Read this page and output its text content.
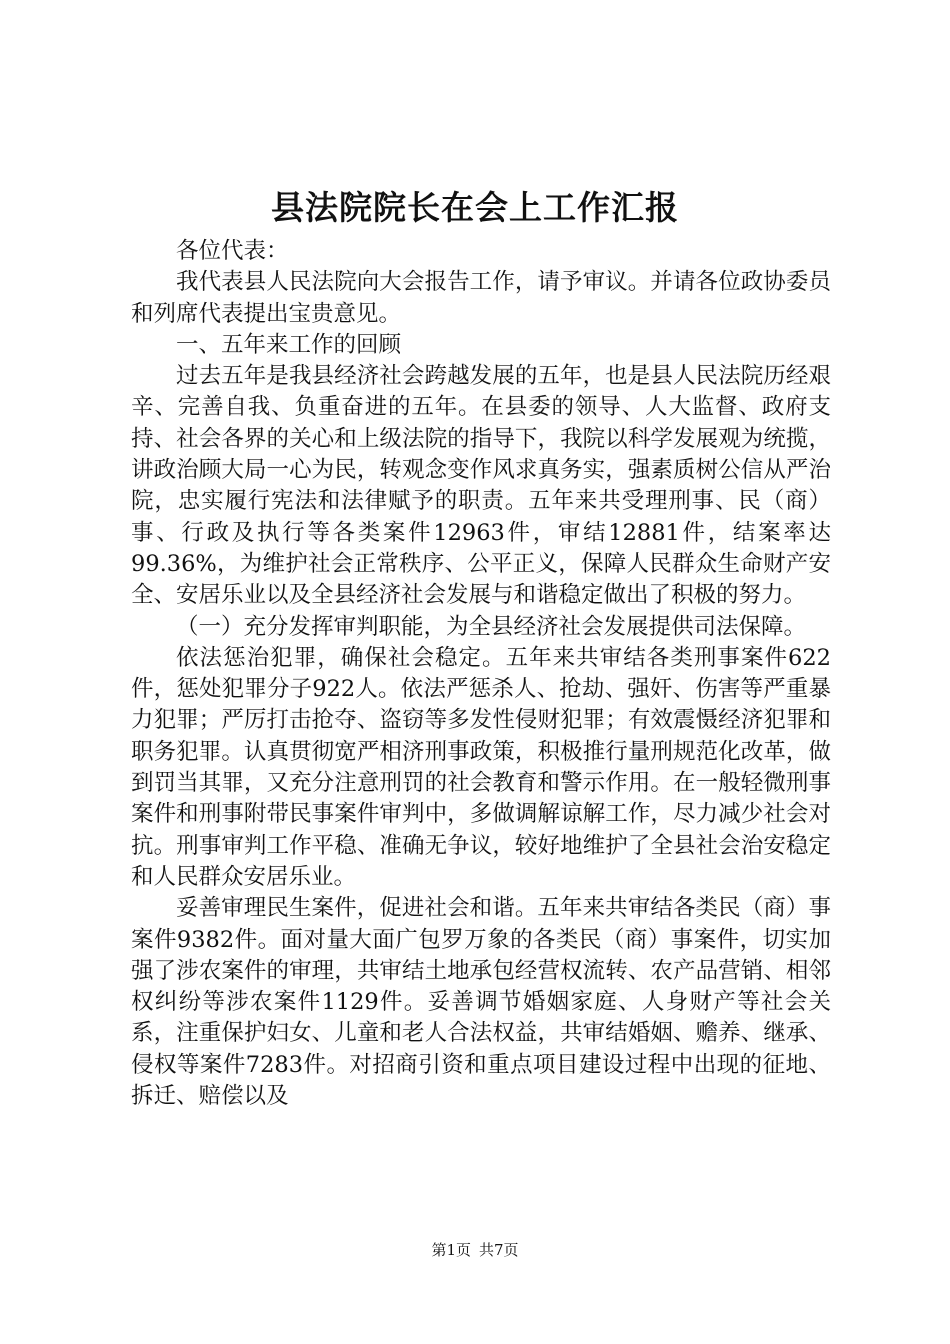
县法院院长在会上工作汇报

各位代表：

我代表县人民法院向大会报告工作，请予审议。并请各位政协委员和列席代表提出宝贵意见。

一、五年来工作的回顾

过去五年是我县经济社会跨越发展的五年，也是县人民法院历经艰辛、完善自我、负重奋进的五年。在县委的领导、人大监督、政府支持、社会各界的关心和上级法院的指导下，我院以科学发展观为统揽，讲政治顾大局一心为民，转观念变作风求真务实，强素质树公信从严治院，忠实履行宪法和法律赋予的职责。五年来共受理刑事、民（商）事、行政及执行等各类案件12963件，审结12881件，结案率达99.36%，为维护社会正常秩序、公平正义，保障人民群众生命财产安全、安居乐业以及全县经济社会发展与和谐稳定做出了积极的努力。

（一）充分发挥审判职能，为全县经济社会发展提供司法保障。

依法惩治犯罪，确保社会稳定。五年来共审结各类刑事案件622件，惩处犯罪分子922人。依法严惩杀人、抢劫、强奸、伤害等严重暴力犯罪；严厉打击抢夺、盗窃等多发性侵财犯罪；有效震慑经济犯罪和职务犯罪。认真贯彻宽严相济刑事政策，积极推行量刑规范化改革，做到罚当其罪，又充分注意刑罚的社会教育和警示作用。在一般轻微刑事案件和刑事附带民事案件审判中，多做调解谅解工作，尽力减少社会对抗。刑事审判工作平稳、准确无争议，较好地维护了全县社会治安稳定和人民群众安居乐业。

妥善审理民生案件，促进社会和谐。五年来共审结各类民（商）事案件9382件。面对量大面广包罗万象的各类民（商）事案件，切实加强了涉农案件的审理，共审结土地承包经营权流转、农产品营销、相邻权纠纷等涉农案件1129件。妥善调节婚姻家庭、人身财产等社会关系，注重保护妇女、儿童和老人合法权益，共审结婚姻、赡养、继承、侵权等案件7283件。对招商引资和重点项目建设过程中出现的征地、拆迁、赔偿以及

第1页 共7页
